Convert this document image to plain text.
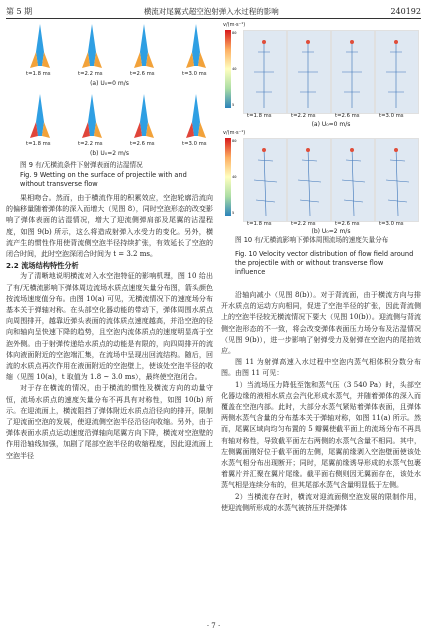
第 5 期	横流对尾翼式超空泡射弹入水过程的影响	240192
t=1.8 ms	t=2.2 ms	t=2.6 ms	t=3.0 ms
(a) U₀=0 m/s
t=1.8 ms	t=2.2 ms	t=2.6 ms	t=3.0 ms
(b) U₀=2 m/s
图 9 有/无横流条件下射弹表面的沾湿情况
Fig. 9 Wetting on the surface of projectile with and without transverse flow

果相吻合。然而，由于横流作用的积累效应，空泡轮廓沿流向的偏移量随着弹体的深入而增大（见图 8），同时空泡形态的改变影响了弹体表面的沾湿情况，增大了迎流侧弹肩部及尾翼的沾湿程度，如图 9(b) 所示，这么将造成射弹入水受力的变化。另外，横流产生的惯性作用使背流侧空泡半径持续扩张，有效延长了空泡的闭合时间，此时空泡深闭合时间为 t = 3.2 ms。

2.2 流场结构特性分析

为了清晰地说明横流对入水空泡特征的影响机理，图 10 给出了有/无横流影响下弹体周边流场水质点速度矢量分布图，箭头颜色按流场速度值分布。由图 10(a) 可见，无横流情况下的速度场分布基本关于弹轴对称。在头部空化器动能的带动下，弹体周围水质点向周围排开，越靠近弹头表面的流体质点速度越高，并沿空泡的径向和轴向呈快速下降的趋势，且空泡内流体质点的速度明显高于空泡外侧。由于射弹传递给水质点的动能是有限的，向四周排开的流体向液面附近的空泡端汇集，在流场中呈现出回流结构。随后，回流的水质点再次作用在液面附近的空泡壁上，使该处空泡半径的收缩（见图 10(a)，t 取值为 1.8 ~ 3.0 ms），最终使空泡闭合。

对于存在横流的情况，由于横流的惯性及横流方向的动量守恒，流场水质点的速度矢量分布不再具有对称性，如图 10(b) 所示。在迎流面上，横流阻挡了弹体附近水质点沿径向的排开，限制了迎流面空泡的发展，使迎流侧空泡半径沿径向收缩。另外，由于弹体表面水质点运动速度沿弹轴向尾翼方向下降，横流对空泡壁的作用沿轴线加强，加剧了尾部空泡半径的收缩程度，因此迎流面上空泡半径

v/(m·s⁻¹)
80
40
5
t=1.8 ms	t=2.2 ms	t=2.6 ms	t=3.0 ms
(a) U₀=0 m/s
v/(m·s⁻¹)
80
40
5
t=1.8 ms	t=2.2 ms	t=2.6 ms	t=3.0 ms
(b) U₀=2 m/s
图 10 有/无横流影响下弹体周围流场的速度矢量分布
Fig. 10 Velocity vector distribution of flow field around the projectile with or without transverse flow influence

沿轴向减小（见图 8(b)）。对于背流面，由于横流方向与排开水质点的运动方向相同，促进了空泡半径的扩张，因此背流侧上的空泡半径较无横流情况下要大（见图 10(b)）。迎流侧与背流侧空泡形态的不一致，将会改变弹体表面压力场分布及沾湿情况（见图 9(b)），进一步影响了射弹受力及射弹在空泡内的尾拍效应。

图 11 为射弹高速入水过程中空泡内蒸气相体积分数分布图。由图 11 可见：

1）当流场压力降低至饱和蒸气压（3 540 Pa）时，头部空化器边缘的液相水质点会汽化形成水蒸气，并随着弹体的深入而覆盖在空泡内部。此时，大部分水蒸气紧贴着弹体表面，且弹体两侧水蒸气含量的分布基本关于弹轴对称，如图 11(a) 所示。然而，尾翼区域向均匀布置的 5 瓣翼使截平面上的流场分布不再具有轴对称性，导致截平面左右两侧的水蒸气含量不相同。其中，左侧翼面刚好位于截平面的左侧，尾翼前缘剥入空泡壁面使该处水蒸气相分布出现断开；同时，尾翼前缘诱导形成的水蒸气包裹着翼片并汇聚在翼片尾缘。截平面右侧则因无翼面存在，该处水蒸气相是连续分布的，但其尾部水蒸气含量明显低于左侧。

2）当横流存在时，横流对迎流面侧空泡发展的限制作用，使迎流侧所形成的水蒸气被挤压并绕弹体

· 7 ·
